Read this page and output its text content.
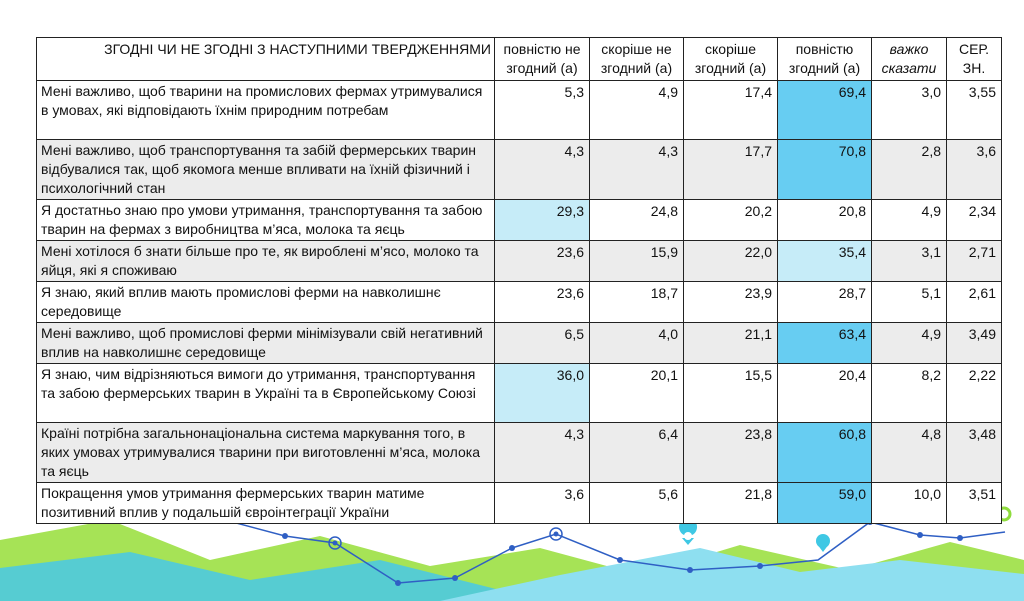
ЗГОДНІ ЧИ НЕ ЗГОДНІ З НАСТУПНИМИ ТВЕРДЖЕННЯМИ	повністю не згодний (а)	скоріше не згодний (а)	скоріше згодний (а)	повністю згодний (а)	важко сказати	СЕР. ЗН.
Мені важливо, щоб тварини на промислових фермах утримувалися в умовах, які відповідають їхнім природним потребам	5,3	4,9	17,4	69,4	3,0	3,55
Мені важливо, щоб транспортування та забій фермерських тварин відбувалися так, щоб якомога менше впливати на їхній фізичний і психологічний стан	4,3	4,3	17,7	70,8	2,8	3,6
Я достатньо знаю про умови утримання, транспортування та забою тварин на фермах з виробництва м’яса, молока та яєць	29,3	24,8	20,2	20,8	4,9	2,34
Мені хотілося б знати більше про те, як вироблені м’ясо, молоко та яйця, які я споживаю	23,6	15,9	22,0	35,4	3,1	2,71
Я знаю, який вплив мають промислові ферми на навколишнє середовище	23,6	18,7	23,9	28,7	5,1	2,61
Мені важливо, щоб промислові ферми мінімізували свій негативний вплив на навколишнє середовище	6,5	4,0	21,1	63,4	4,9	3,49
Я знаю, чим відрізняються вимоги до утримання, транспортування та забою фермерських тварин в Україні та в Європейському Союзі	36,0	20,1	15,5	20,4	8,2	2,22
Країні потрібна загальнонаціональна система маркування того, в яких умовах утримувалися тварини при виготовленні м’яса, молока та яєць	4,3	6,4	23,8	60,8	4,8	3,48
Покращення умов утримання фермерських тварин матиме позитивний вплив у подальшій євроінтеграції України	3,6	5,6	21,8	59,0	10,0	3,51
